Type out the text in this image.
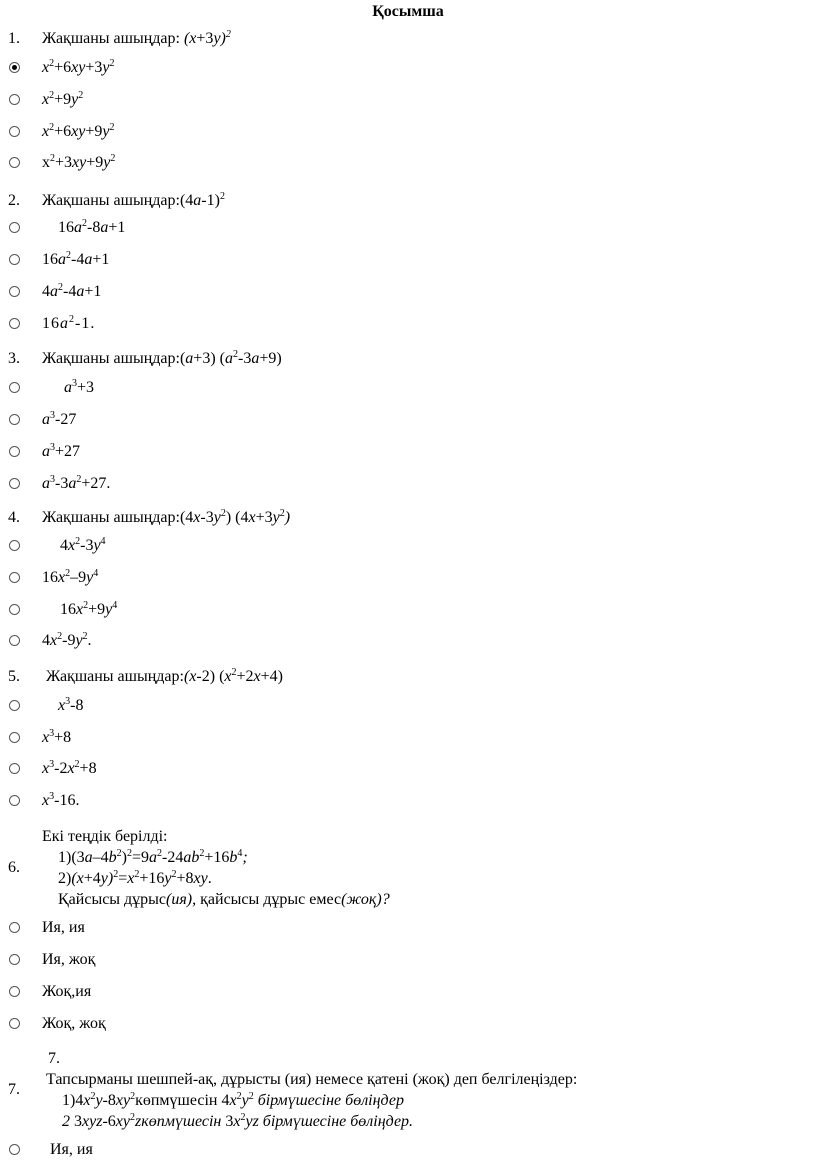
Қосымша
1.	Жақшаны ашыңдар: $(x+3y)^2$
$x^2+6xy+3y^2$
$x^2+9y^2$
$x^2+6xy+9y^2$
$x^2+3xy+9y^2$
2.	Жақшаны $ашыңдар:(4a-1)^2$
$16a^2-8a+1$
$16a^2-4a+1$
$4a^2-4a+1$
$16a^2-1$.
3.	Жақшаны ашыңдар:(a+3) $(a^2-3a+9)$
$a^3+3$
$a^3-27$
$a^3+27$
$a^3-3a^2+27$.
4.	Жақшаны $ашыңдар:(4x-3y^2)$ $(4x+3y^2)$
$4x^2-3y^4$
$16x^2-9y^4$
$16x^2+9y^4$
$4x^2-9y^2$.
5.	Жақшаны ашыңдар:(x-2) $(x^2+2x+4)$
$x^3-8$
$x^3+8$
$x^3-2x^2+8$
$x^3-16$.
6.
Екі теңдік берілді:
$1)(3a-4b^2)^2=9a^2-24ab^2+16b^4$;
$2)(x+4y)^2=x^2+16y^2+8xy$.
Қайсысы дұрыс(ия), қайсысы дұрыс емес(жоқ)?
Ия, ия
Ия, жоқ
Жоқ,ия
Жоқ, жоқ
7.
7.
Тапсырманы шешпей-ақ, дұрысты (ия) немесе қатені (жоқ) деп белгілеңіздер:
$1)4x^2y-8xy^2көпмүшесін$ $4x^2y^2$ бірмүшесіне бөліңдер
2 $3xyz-6xy^2zкөпмүшесін$ $3x^2yz$ бірмүшесіне бөліңдер.
Ия, ия
